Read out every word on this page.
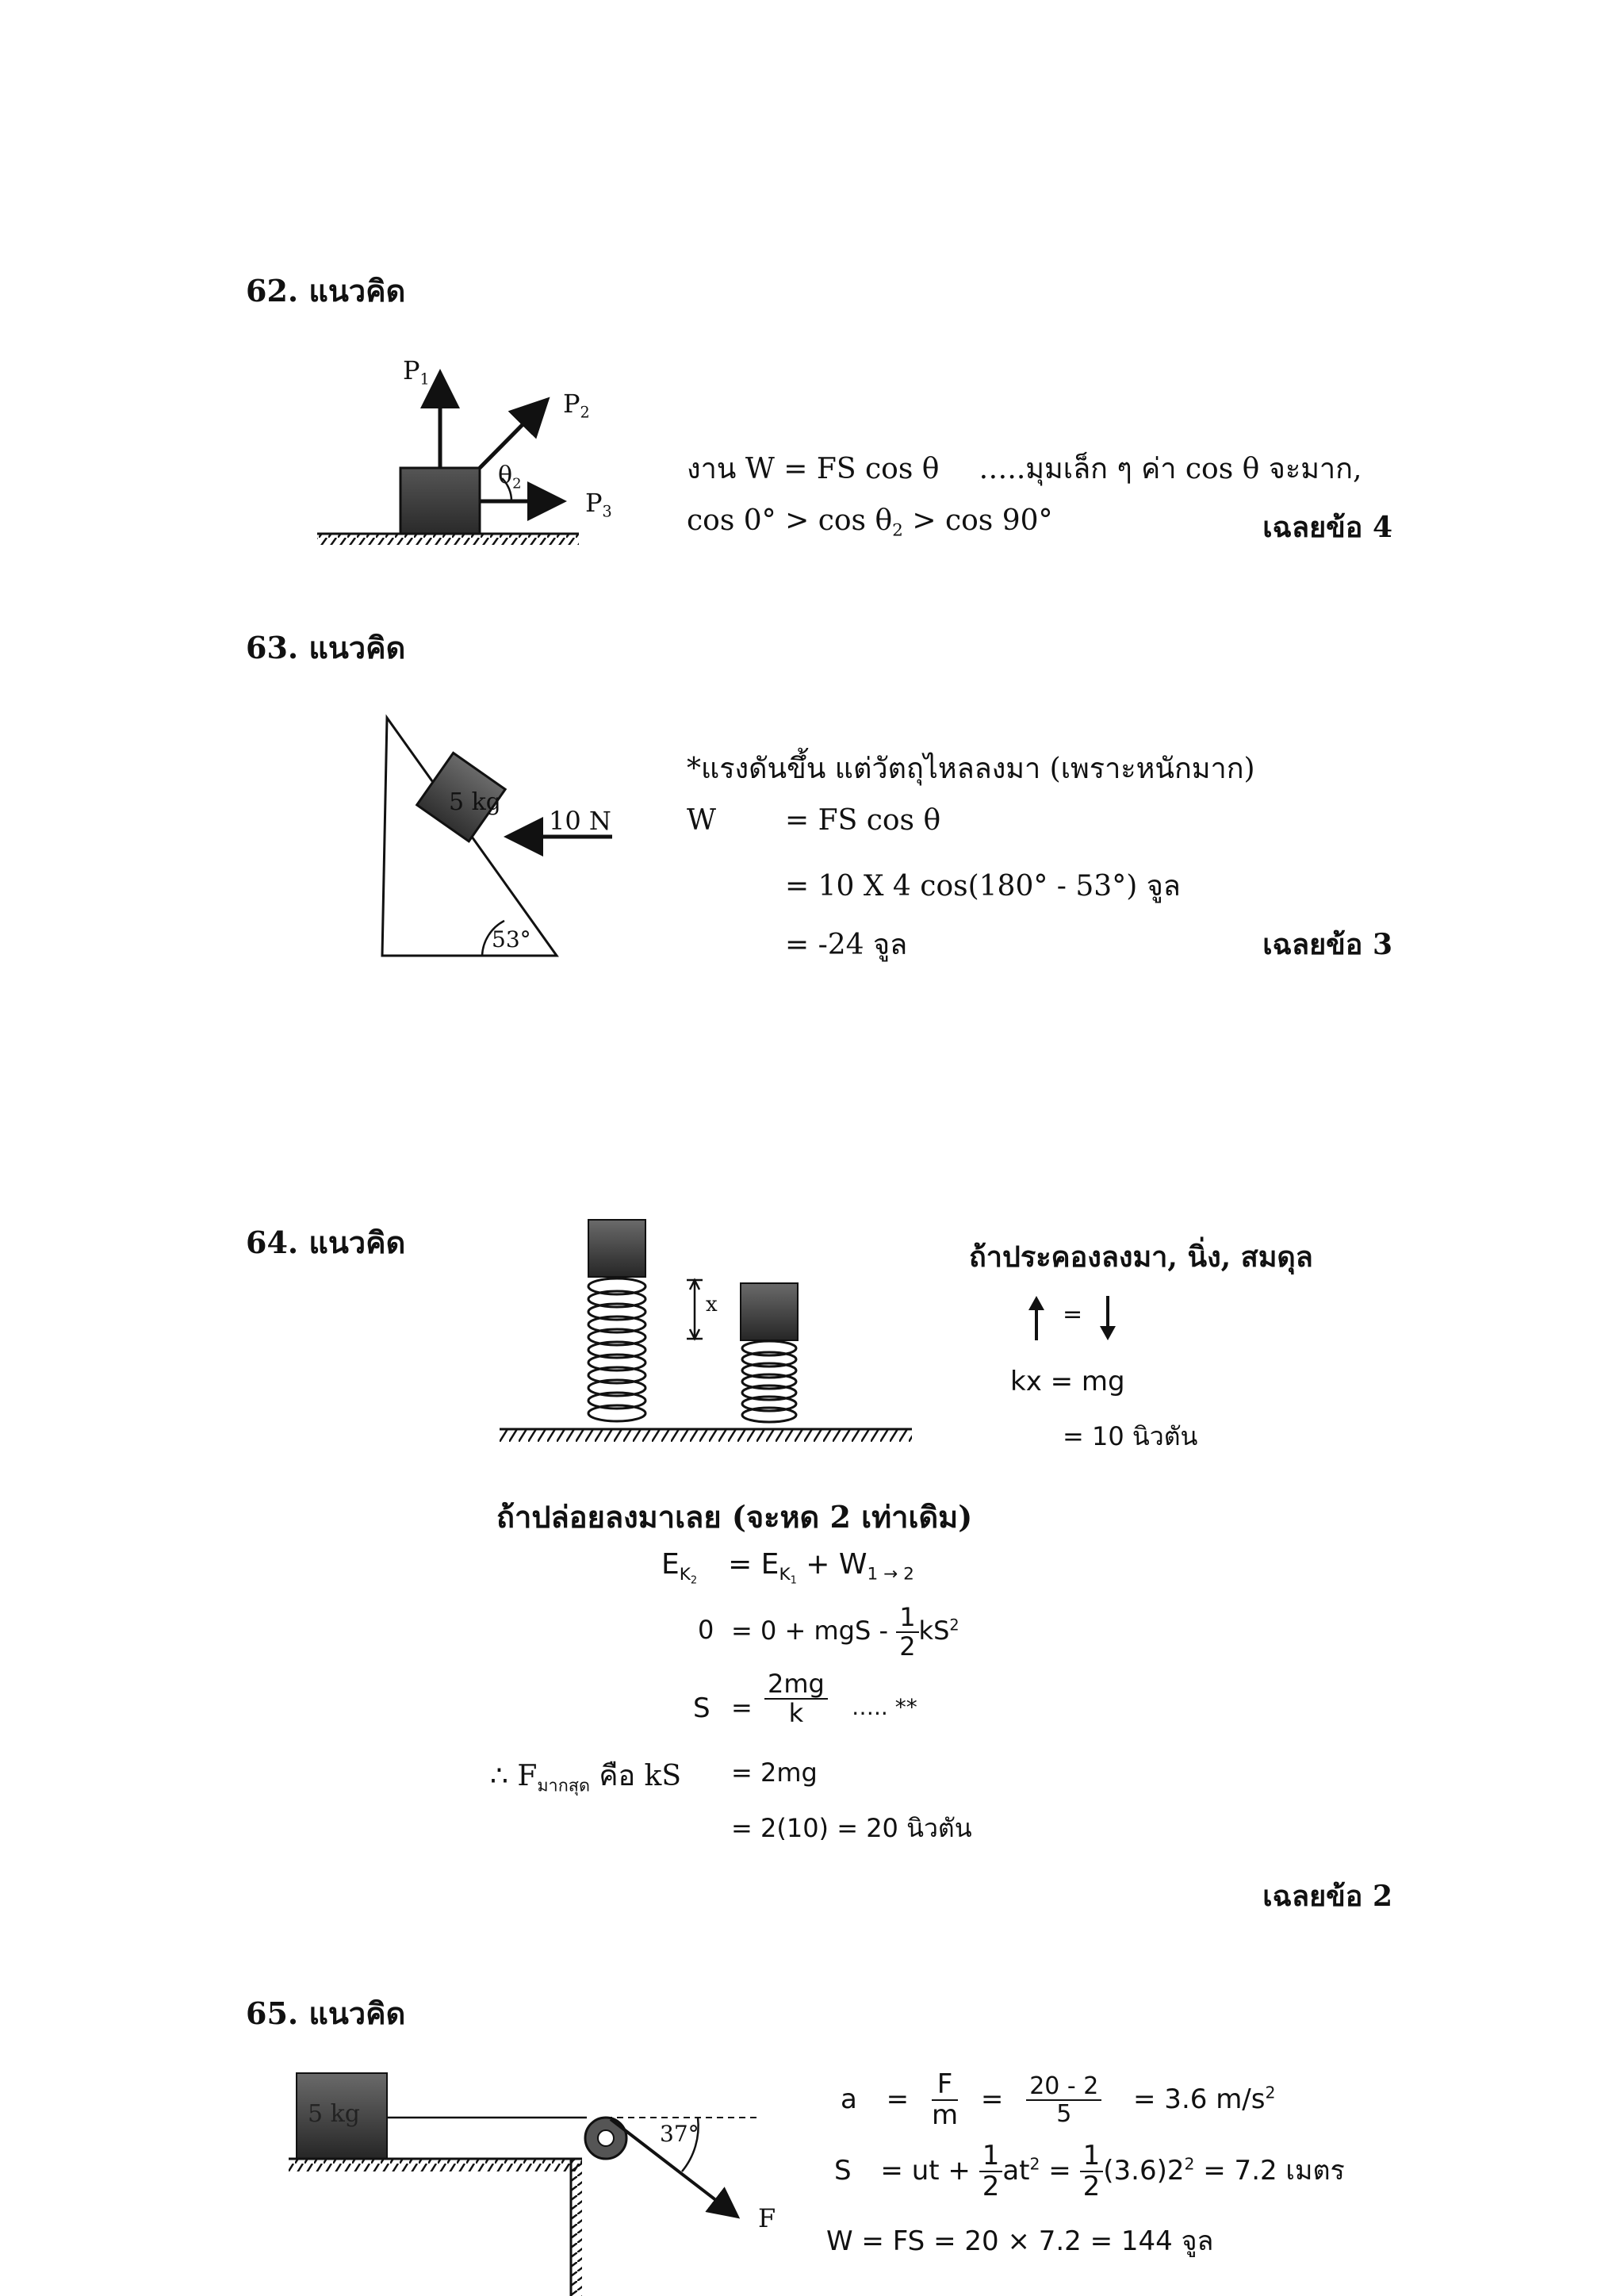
62. แนวคิด
$P_1$
$P_2$
$P_3$
$\theta_2$	งาน W = FS cos θ …..มุมเล็ก ๆ ค่า cos θ จะมาก,
$\cos 0^\circ > \cos \theta_2 > \cos 90^\circ$	เฉลยข้อ 4
63. แนวคิด
5 kg
10 N
53°
*แรงดันขึ้น แต่วัตถุไหลลงมา (เพราะหนักมาก)
W = FS cos θ
= 10 X 4 cos(180° - 53°) จูล
= -24 จูล	เฉลยข้อ 3
64. แนวคิด
x
ถ้าประคองลงมา, นิ่ง, สมดุล
=
kx = mg
= 10 นิวตัน
ถ้าปล่อยลงมาเลย (จะหด 2 เท่าเดิม)
$E_{K_2} = E_{K_1} + W_{1 \to 2}$
0 = 0 + mgS - $\frac{1}{2} kS^2$
$S = \frac{2mg}{k}$ ….. **
∴ $F_{มากสุด}$ คือ kS = 2mg
= 2(10) = 20 นิวตัน
เฉลยข้อ 2
65. แนวคิด
5 kg
37°
F
$a = \frac{F}{m} = \frac{20 - 2}{5} = 3.6$ $m/s^2$
S = ut + $\frac{1}{2} at^2 = \frac{1}{2} (3.6)2^2 = 7.2$ เมตร
W = FS = 20 × 7.2 = 144 จูล
